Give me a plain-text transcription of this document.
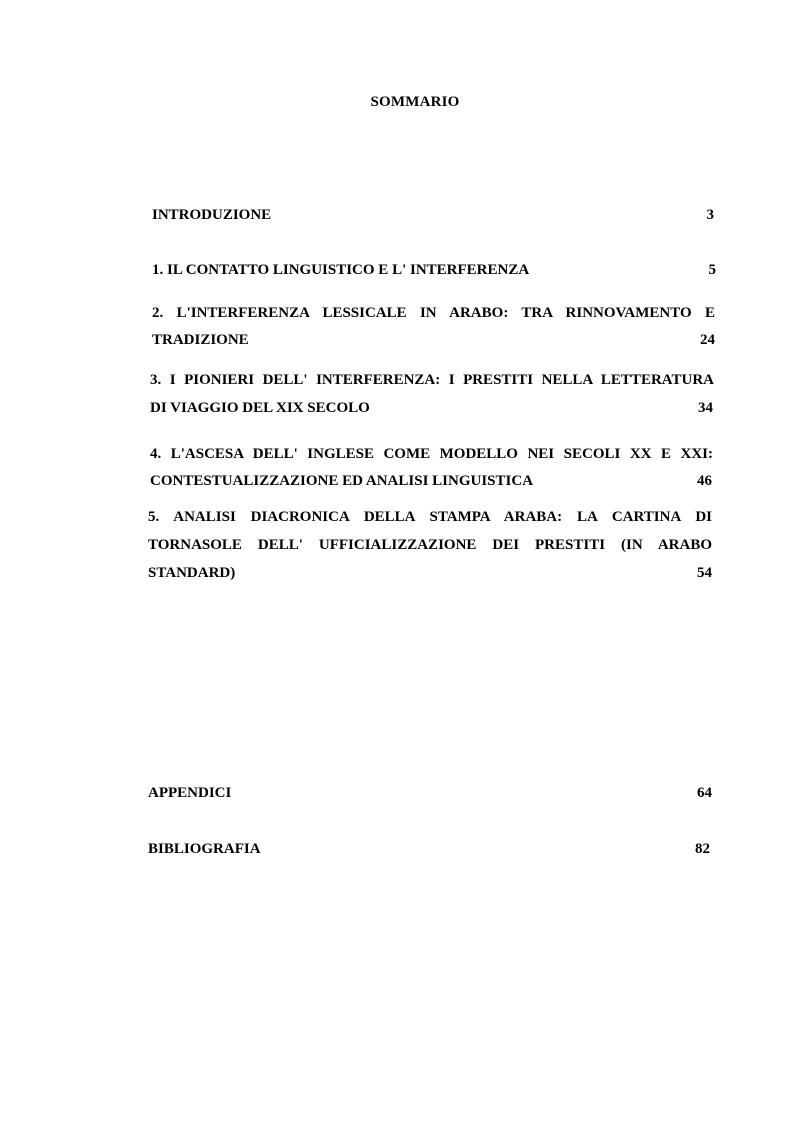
SOMMARIO
INTRODUZIONE	3
1. IL CONTATTO LINGUISTICO E L' INTERFERENZA	5
2. L'INTERFERENZA LESSICALE IN ARABO: TRA RINNOVAMENTO E
TRADIZIONE	24
3. I PIONIERI DELL' INTERFERENZA: I PRESTITI NELLA LETTERATURA
DI VIAGGIO DEL XIX SECOLO	34
4. L'ASCESA DELL' INGLESE COME MODELLO NEI SECOLI XX E XXI:
CONTESTUALIZZAZIONE ED ANALISI LINGUISTICA	46
5. ANALISI DIACRONICA DELLA STAMPA ARABA: LA CARTINA DI
TORNASOLE DELL' UFFICIALIZZAZIONE DEI PRESTITI (IN ARABO
STANDARD)	54
APPENDICI	64
BIBLIOGRAFIA	82
